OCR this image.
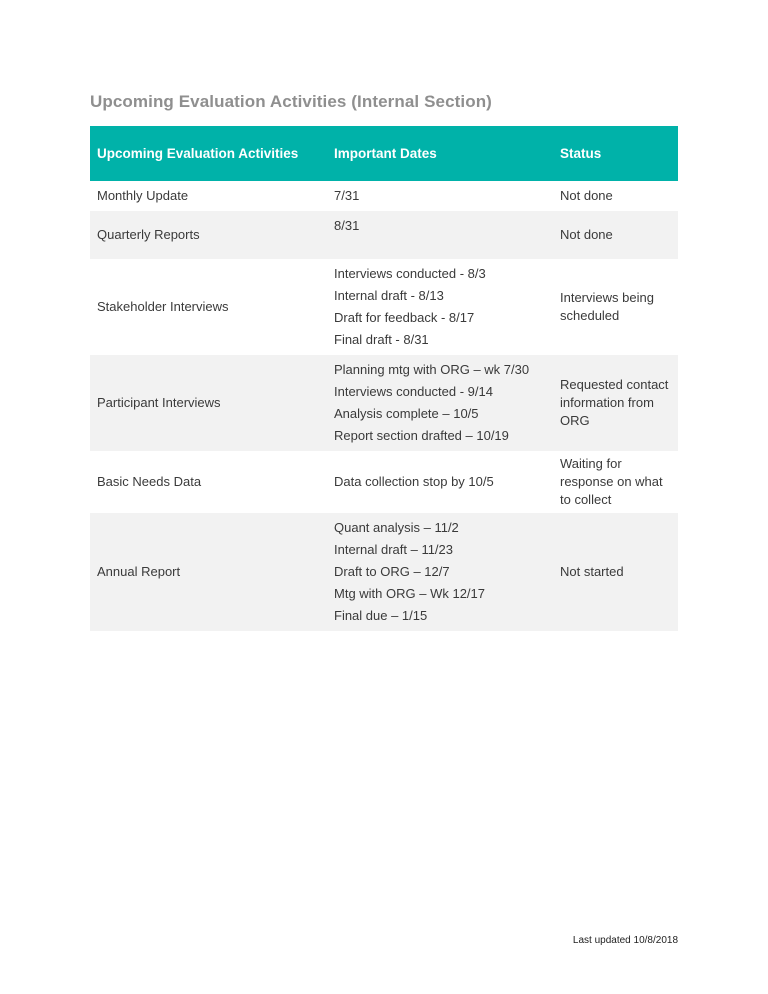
Upcoming Evaluation Activities (Internal Section)
Upcoming Evaluation Activities	Important Dates	Status
Monthly Update	7/31	Not done
Quarterly Reports	8/31	Not done
Stakeholder Interviews	Interviews conducted - 8/3
Internal draft - 8/13
Draft for feedback - 8/17
Final draft - 8/31	Interviews being scheduled
Participant Interviews	Planning mtg with ORG – wk 7/30
Interviews conducted - 9/14
Analysis complete – 10/5
Report section drafted – 10/19	Requested contact information from ORG
Basic Needs Data	Data collection stop by 10/5	Waiting for response on what to collect
Annual Report	Quant analysis – 11/2
Internal draft – 11/23
Draft to ORG – 12/7
Mtg with ORG – Wk 12/17
Final due – 1/15	Not started
Last updated 10/8/2018
